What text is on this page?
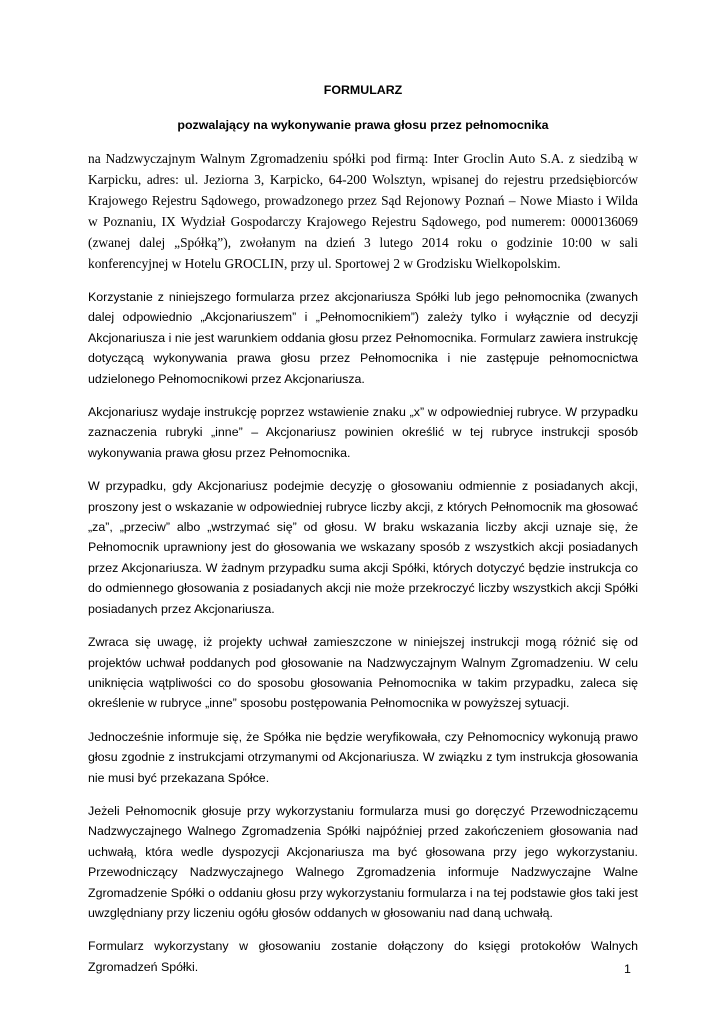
FORMULARZ
pozwalający na wykonywanie prawa głosu przez pełnomocnika

na Nadzwyczajnym Walnym Zgromadzeniu spółki pod firmą: Inter Groclin Auto S.A. z siedzibą w Karpicku, adres: ul. Jeziorna 3, Karpicko, 64-200 Wolsztyn, wpisanej do rejestru przedsiębiorców Krajowego Rejestru Sądowego, prowadzonego przez Sąd Rejonowy Poznań – Nowe Miasto i Wilda w Poznaniu, IX Wydział Gospodarczy Krajowego Rejestru Sądowego, pod numerem: 0000136069 (zwanej dalej „Spółką”), zwołanym na dzień 3 lutego 2014 roku o godzinie 10:00 w sali konferencyjnej w Hotelu GROCLIN, przy ul. Sportowej 2 w Grodzisku Wielkopolskim.

Korzystanie z niniejszego formularza przez akcjonariusza Spółki lub jego pełnomocnika (zwanych dalej odpowiednio „Akcjonariuszem” i „Pełnomocnikiem”) zależy tylko i wyłącznie od decyzji Akcjonariusza i nie jest warunkiem oddania głosu przez Pełnomocnika. Formularz zawiera instrukcję dotyczącą wykonywania prawa głosu przez Pełnomocnika i nie zastępuje pełnomocnictwa udzielonego Pełnomocnikowi przez Akcjonariusza.

Akcjonariusz wydaje instrukcję poprzez wstawienie znaku „x” w odpowiedniej rubryce. W przypadku zaznaczenia rubryki „inne” – Akcjonariusz powinien określić w tej rubryce instrukcji sposób wykonywania prawa głosu przez Pełnomocnika.

W przypadku, gdy Akcjonariusz podejmie decyzję o głosowaniu odmiennie z posiadanych akcji, proszony jest o wskazanie w odpowiedniej rubryce liczby akcji, z których Pełnomocnik ma głosować „za”, „przeciw” albo „wstrzymać się” od głosu. W braku wskazania liczby akcji uznaje się, że Pełnomocnik uprawniony jest do głosowania we wskazany sposób z wszystkich akcji posiadanych przez Akcjonariusza. W żadnym przypadku suma akcji Spółki, których dotyczyć będzie instrukcja co do odmiennego głosowania z posiadanych akcji nie może przekroczyć liczby wszystkich akcji Spółki posiadanych przez Akcjonariusza.

Zwraca się uwagę, iż projekty uchwał zamieszczone w niniejszej instrukcji mogą różnić się od projektów uchwał poddanych pod głosowanie na Nadzwyczajnym Walnym Zgromadzeniu. W celu uniknięcia wątpliwości co do sposobu głosowania Pełnomocnika w takim przypadku, zaleca się określenie w rubryce „inne” sposobu postępowania Pełnomocnika w powyższej sytuacji.

Jednocześnie informuje się, że Spółka nie będzie weryfikowała, czy Pełnomocnicy wykonują prawo głosu zgodnie z instrukcjami otrzymanymi od Akcjonariusza. W związku z tym instrukcja głosowania nie musi być przekazana Spółce.

Jeżeli Pełnomocnik głosuje przy wykorzystaniu formularza musi go doręczyć Przewodniczącemu Nadzwyczajnego Walnego Zgromadzenia Spółki najpóźniej przed zakończeniem głosowania nad uchwałą, która wedle dyspozycji Akcjonariusza ma być głosowana przy jego wykorzystaniu. Przewodniczący Nadzwyczajnego Walnego Zgromadzenia informuje Nadzwyczajne Walne Zgromadzenie Spółki o oddaniu głosu przy wykorzystaniu formularza i na tej podstawie głos taki jest uwzględniany przy liczeniu ogółu głosów oddanych w głosowaniu nad daną uchwałą.

Formularz wykorzystany w głosowaniu zostanie dołączony do księgi protokołów Walnych Zgromadzeń Spółki.	1
